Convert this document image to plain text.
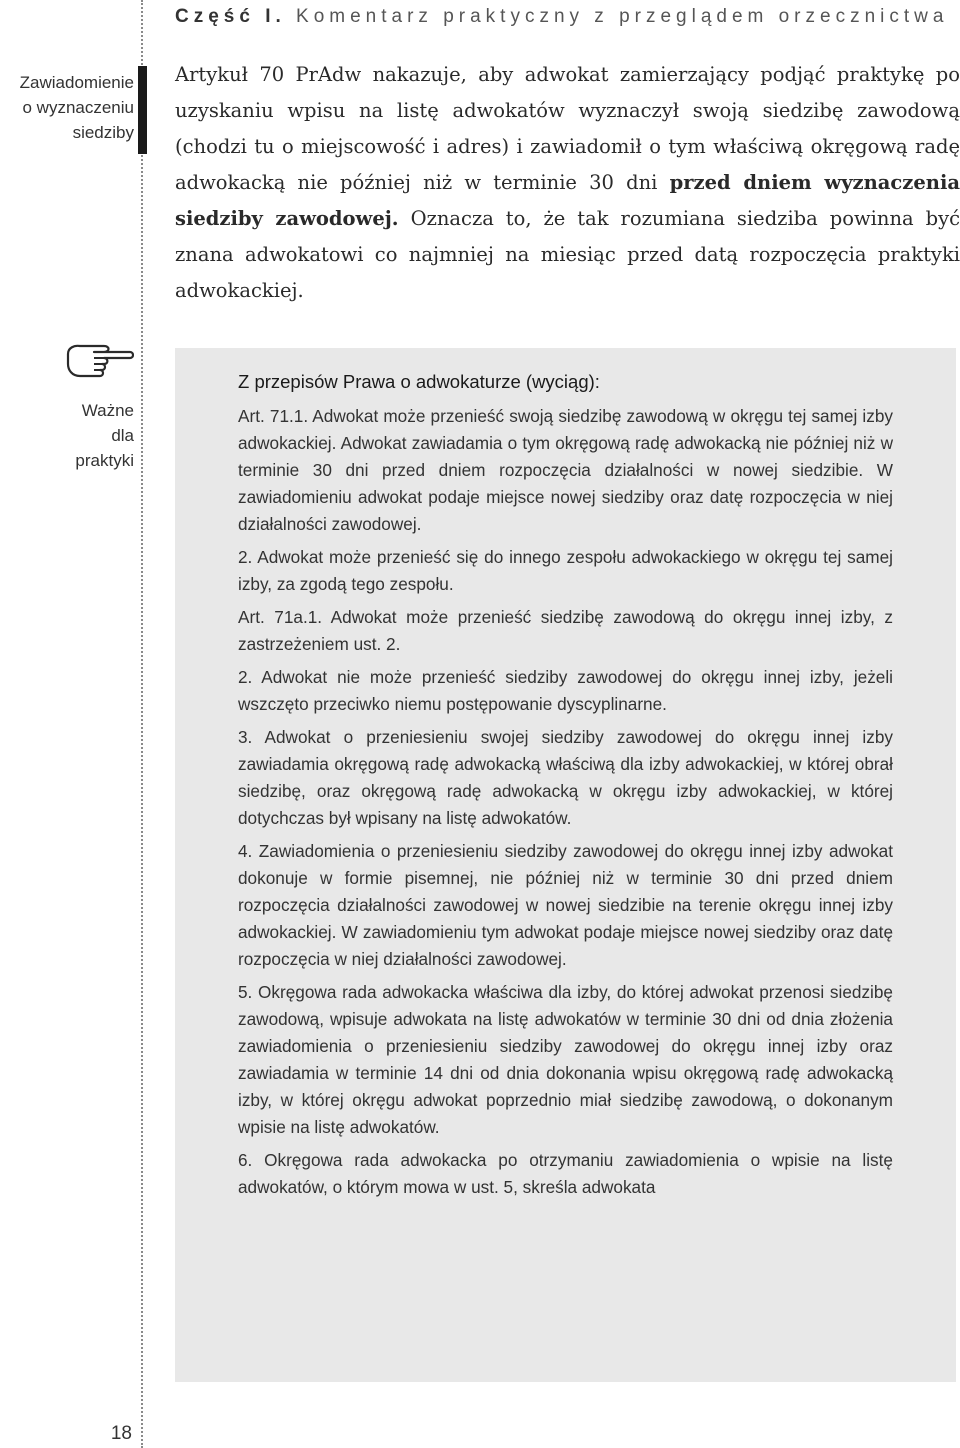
Część I. Komentarz praktyczny z przeglądem orzecznictwa
Zawiadomienie
o wyznaczeniu
siedziby
Ważne
dla
praktyki
Artykuł 70 PrAdw nakazuje, aby adwokat zamierzający podjąć praktykę po uzyskaniu wpisu na listę adwokatów wyznaczył swoją siedzibę zawodową (chodzi tu o miejscowość i adres) i zawiadomił o tym właściwą okręgową radę adwokacką nie później niż w terminie 30 dni przed dniem wyznaczenia siedziby zawodowej. Oznacza to, że tak rozumiana siedziba powinna być znana adwokatowi co najmniej na miesiąc przed datą rozpoczęcia praktyki adwokackiej.
Z przepisów Prawa o adwokaturze (wyciąg):

Art. 71.1. Adwokat może przenieść swoją siedzibę zawodową w okręgu tej samej izby adwokackiej. Adwokat zawiadamia o tym okręgową radę adwokacką nie później niż w terminie 30 dni przed dniem rozpoczęcia działalności w nowej siedzibie. W zawiadomieniu adwokat podaje miejsce nowej siedziby oraz datę rozpoczęcia w niej działalności zawodowej.

2. Adwokat może przenieść się do innego zespołu adwokackiego w okręgu tej samej izby, za zgodą tego zespołu.

Art. 71a.1. Adwokat może przenieść siedzibę zawodową do okręgu innej izby, z zastrzeżeniem ust. 2.

2. Adwokat nie może przenieść siedziby zawodowej do okręgu innej izby, jeżeli wszczęto przeciwko niemu postępowanie dyscyplinarne.

3. Adwokat o przeniesieniu swojej siedziby zawodowej do okręgu innej izby zawiadamia okręgową radę adwokacką właściwą dla izby adwokackiej, w której obrał siedzibę, oraz okręgową radę adwokacką w okręgu izby adwokackiej, w której dotychczas był wpisany na listę adwokatów.

4. Zawiadomienia o przeniesieniu siedziby zawodowej do okręgu innej izby adwokat dokonuje w formie pisemnej, nie później niż w terminie 30 dni przed dniem rozpoczęcia działalności zawodowej w nowej siedzibie na terenie okręgu innej izby adwokackiej. W zawiadomieniu tym adwokat podaje miejsce nowej siedziby oraz datę rozpoczęcia w niej działalności zawodowej.

5. Okręgowa rada adwokacka właściwa dla izby, do której adwokat przenosi siedzibę zawodową, wpisuje adwokata na listę adwokatów w terminie 30 dni od dnia złożenia zawiadomienia o przeniesieniu siedziby zawodowej do okręgu innej izby oraz zawiadamia w terminie 14 dni od dnia dokonania wpisu okręgową radę adwokacką izby, w której okręgu adwokat poprzednio miał siedzibę zawodową, o dokonanym wpisie na listę adwokatów.

6. Okręgowa rada adwokacka po otrzymaniu zawiadomienia o wpisie na listę adwokatów, o którym mowa w ust. 5, skreśla adwokata

18
